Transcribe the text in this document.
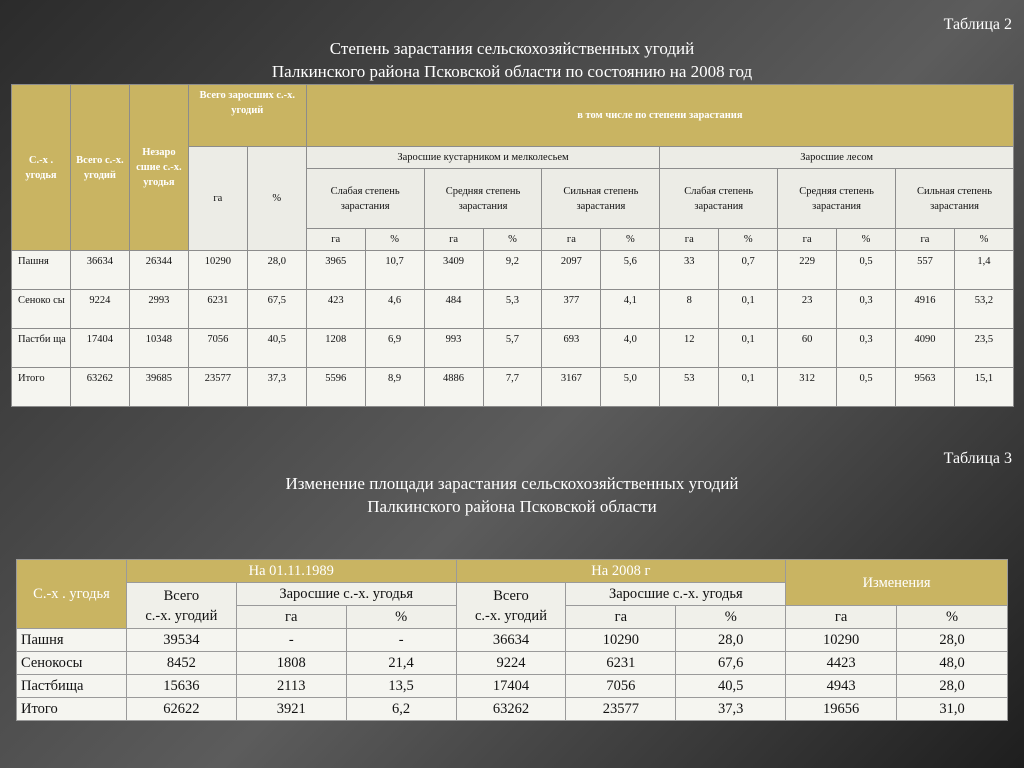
Таблица 2
Степень зарастания сельскохозяйственных угодий
Палкинского района Псковской области по состоянию на 2008 год
С.-х . угодья	Всего с.-х. угодий	Незаро сшие с.-х. угодья	Всего заросших с.-х. угодий		в том числе по степени зарастания											
			га	%	Заросшие кустарником и мелколесьем						Заросшие лесом					
					Слабая степень зарастания		Средняя степень зарастания		Сильная степень зарастания		Слабая степень зарастания		Средняя степень зарастания		Сильная степень зарастания	
					га	%	га	%	га	%	га	%	га	%	га	%
Пашня	36634	26344	10290	28,0	3965	10,7	3409	9,2	2097	5,6	33	0,7	229	0,5	557	1,4
Сеноко сы	9224	2993	6231	67,5	423	4,6	484	5,3	377	4,1	8	0,1	23	0,3	4916	53,2
Пастби ща	17404	10348	7056	40,5	1208	6,9	993	5,7	693	4,0	12	0,1	60	0,3	4090	23,5
Итого	63262	39685	23577	37,3	5596	8,9	4886	7,7	3167	5,0	53	0,1	312	0,5	9563	15,1
Таблица 3
Изменение площади зарастания сельскохозяйственных угодий
Палкинского района Псковской области
С.-х . угодья	На 01.11.1989			На 2008 г			Изменения	
	Всего
с.-х. угодий	Заросшие с.-х. угодья		Всего
с.-х. угодий	Заросшие с.-х. угодья			
		га	%		га	%	га	%
Пашня	39534	-	-	36634	10290	28,0	10290	28,0
Сенокосы	8452	1808	21,4	9224	6231	67,6	4423	48,0
Пастбища	15636	2113	13,5	17404	7056	40,5	4943	28,0
Итого	62622	3921	6,2	63262	23577	37,3	19656	31,0
